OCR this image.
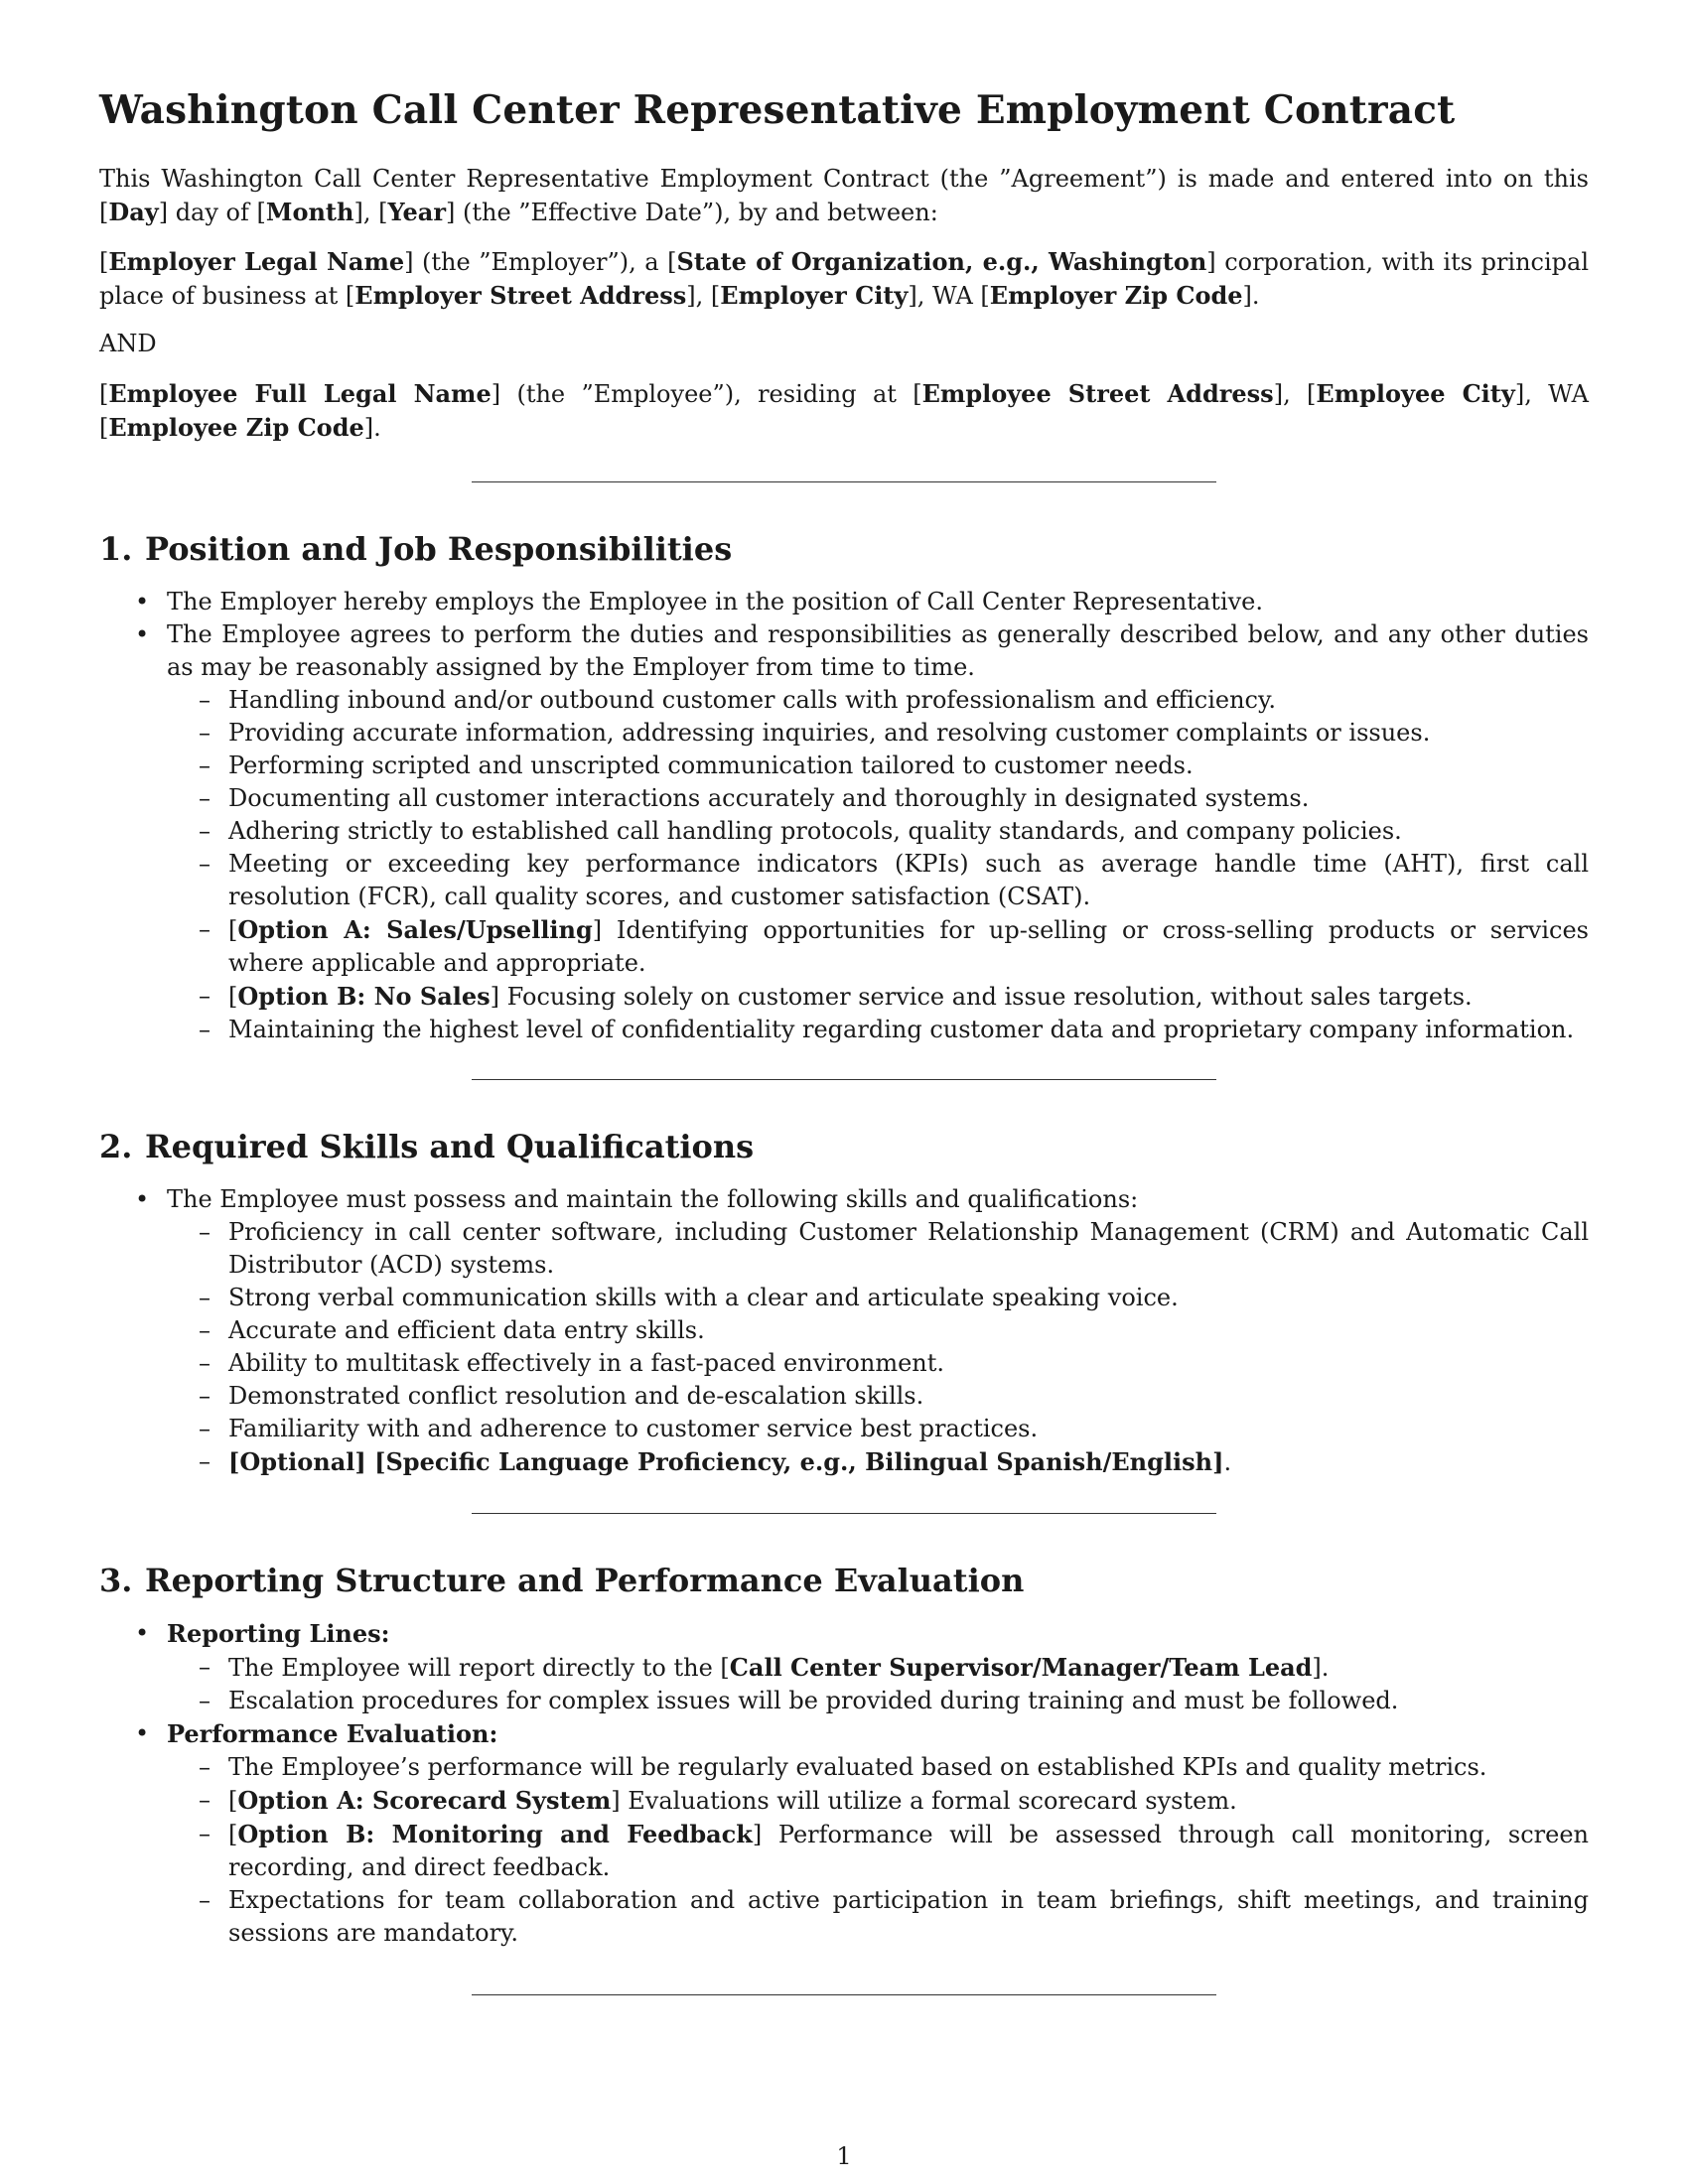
Washington Call Center Representative Employment Contract

This Washington Call Center Representative Employment Contract (the ”Agreement”) is made and entered into on this [Day] day of [Month], [Year] (the ”Effective Date”), by and between:

[Employer Legal Name] (the ”Employer”), a [State of Organization, e.g., Washington] corporation, with its principal place of business at [Employer Street Address], [Employer City], WA [Employer Zip Code].

AND

[Employee Full Legal Name] (the ”Employee”), residing at [Employee Street Address], [Employee City], WA [Employee Zip Code].

1. Position and Job Responsibilities
• The Employer hereby employs the Employee in the position of Call Center Representative.
• The Employee agrees to perform the duties and responsibilities as generally described below, and any other duties as may be reasonably assigned by the Employer from time to time.
– Handling inbound and/or outbound customer calls with professionalism and efficiency.
– Providing accurate information, addressing inquiries, and resolving customer complaints or issues.
– Performing scripted and unscripted communication tailored to customer needs.
– Documenting all customer interactions accurately and thoroughly in designated systems.
– Adhering strictly to established call handling protocols, quality standards, and company policies.
– Meeting or exceeding key performance indicators (KPIs) such as average handle time (AHT), first call resolution (FCR), call quality scores, and customer satisfaction (CSAT).
– [Option A: Sales/Upselling] Identifying opportunities for up-selling or cross-selling products or services where applicable and appropriate.
– [Option B: No Sales] Focusing solely on customer service and issue resolution, without sales targets.
– Maintaining the highest level of confidentiality regarding customer data and proprietary company information.
2. Required Skills and Qualifications
• The Employee must possess and maintain the following skills and qualifications:
– Proficiency in call center software, including Customer Relationship Management (CRM) and Automatic Call Distributor (ACD) systems.
– Strong verbal communication skills with a clear and articulate speaking voice.
– Accurate and efficient data entry skills.
– Ability to multitask effectively in a fast-paced environment.
– Demonstrated conflict resolution and de-escalation skills.
– Familiarity with and adherence to customer service best practices.
– [Optional] [Specific Language Proficiency, e.g., Bilingual Spanish/English].
3. Reporting Structure and Performance Evaluation
• Reporting Lines:
– The Employee will report directly to the [Call Center Supervisor/Manager/Team Lead].
– Escalation procedures for complex issues will be provided during training and must be followed.
• Performance Evaluation:
– The Employee’s performance will be regularly evaluated based on established KPIs and quality metrics.
– [Option A: Scorecard System] Evaluations will utilize a formal scorecard system.
– [Option B: Monitoring and Feedback] Performance will be assessed through call monitoring, screen recording, and direct feedback.
– Expectations for team collaboration and active participation in team briefings, shift meetings, and training sessions are mandatory.
1
